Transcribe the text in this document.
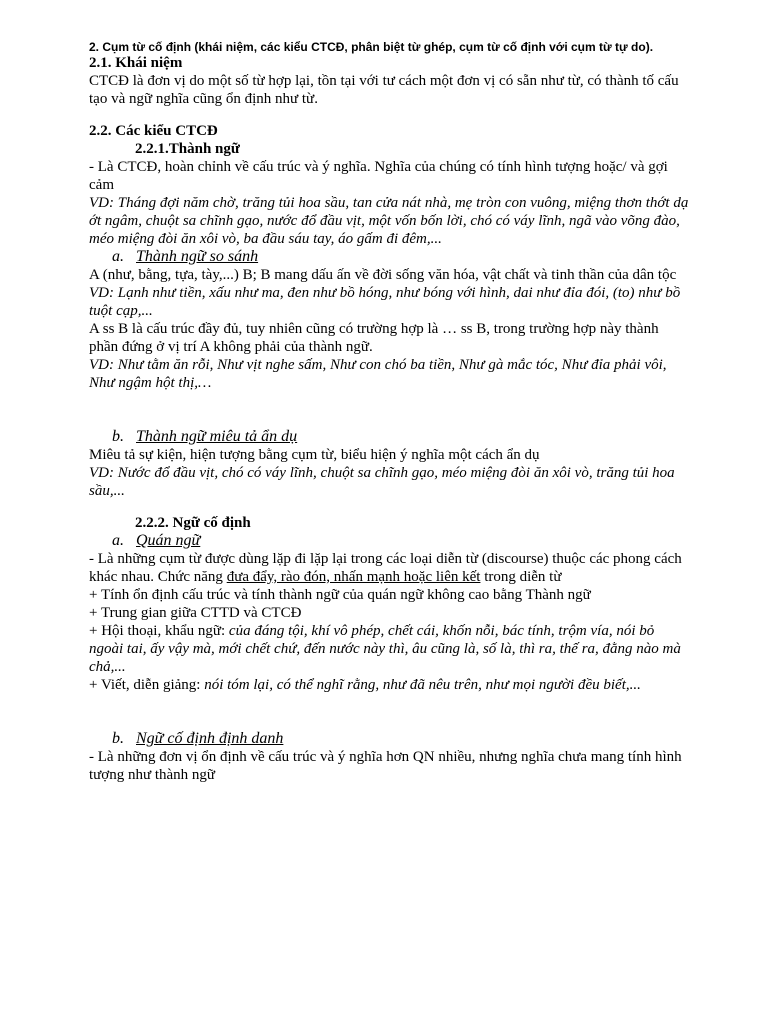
2. Cụm từ cố định (khái niệm, các kiểu CTCĐ, phân biệt từ ghép, cụm từ cố định với cụm từ tự do).
2.1. Khái niệm

CTCĐ là đơn vị do một số từ hợp lại, tồn tại với tư cách một đơn vị có sẵn như từ, có thành tố cấu tạo và ngữ nghĩa cũng ổn định như từ.

2.2. Các kiểu CTCĐ
2.2.1.Thành ngữ

- Là CTCĐ, hoàn chỉnh về cấu trúc và ý nghĩa. Nghĩa của chúng có tính hình tượng hoặc/ và gợi cảm

VD: Tháng đợi năm chờ, trăng tủi hoa sầu, tan cửa nát nhà, mẹ tròn con vuông, miệng thơn thớt dạ ớt ngâm, chuột sa chĩnh gạo, nước đổ đầu vịt, một vốn bốn lời, chó có váy lĩnh, ngã vào võng đào, méo miệng đòi ăn xôi vò, ba đầu sáu tay, áo gấm đi đêm,...

a. Thành ngữ so sánh

A (như, bằng, tựa, tày,...) B; B mang dấu ấn về đời sống văn hóa, vật chất và tinh thần của dân tộc

VD: Lạnh như tiền, xấu như ma, đen như bồ hóng, như bóng với hình, dai như đỉa đói, (to) như bồ tuột cạp,...

A ss B là cấu trúc đầy đủ, tuy nhiên cũng có trường hợp là … ss B, trong trường hợp này thành phần đứng ở vị trí A không phải của thành ngữ.

VD: Như tằm ăn rỗi, Như vịt nghe sấm, Như con chó ba tiền, Như gà mắc tóc, Như đỉa phải vôi, Như ngậm hột thị,…

b. Thành ngữ miêu tả ẩn dụ

Miêu tả sự kiện, hiện tượng bằng cụm từ, biểu hiện ý nghĩa một cách ẩn dụ

VD: Nước đổ đầu vịt, chó có váy lĩnh, chuột sa chĩnh gạo, méo miệng đòi ăn xôi vò, trăng tủi hoa sầu,...

2.2.2. Ngữ cố định
a. Quán ngữ

- Là những cụm từ được dùng lặp đi lặp lại trong các loại diễn từ (discourse) thuộc các phong cách khác nhau. Chức năng đưa đẩy, rào đón, nhấn mạnh hoặc liên kết trong diễn từ

+ Tính ổn định cấu trúc và tính thành ngữ của quán ngữ không cao bằng Thành ngữ

+ Trung gian giữa CTTD và CTCĐ

+ Hội thoại, khẩu ngữ: của đáng tội, khí vô phép, chết cái, khốn nỗi, bác tính, trộm vía, nói bỏ ngoài tai, ấy vậy mà, mới chết chứ, đến nước này thì, âu cũng là, số là, thì ra, thế ra, đằng nào mà chả,...

+ Viết, diễn giảng: nói tóm lại, có thể nghĩ rằng, như đã nêu trên, như mọi người đều biết,...

b. Ngữ cố định định danh

- Là những đơn vị ổn định về cấu trúc và ý nghĩa hơn QN nhiều, nhưng nghĩa chưa mang tính hình tượng như thành ngữ
